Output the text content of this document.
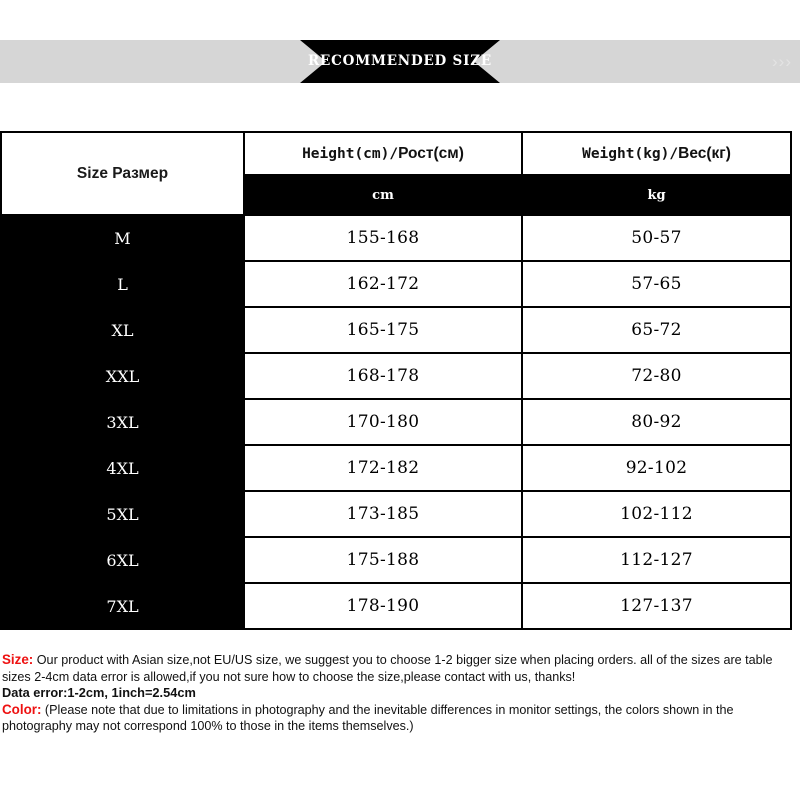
›››
RECOMMENDED SIZE
Size Размер	Height(cm)/Рост(см)	Weight(kg)/Вес(кг)
	cm	kg
M	155-168	50-57
L	162-172	57-65
XL	165-175	65-72
XXL	168-178	72-80
3XL	170-180	80-92
4XL	172-182	92-102
5XL	173-185	102-112
6XL	175-188	112-127
7XL	178-190	127-137

Size: Our product with Asian size,not EU/US size, we suggest you to choose 1-2 bigger size when placing orders. all of the sizes are table sizes 2-4cm data error is allowed,if you not sure how to choose the size,please contact with us, thanks!

Data error:1-2cm, 1inch=2.54cm

Color: (Please note that due to limitations in photography and the inevitable differences in monitor settings, the colors shown in the photography may not correspond 100% to those in the items themselves.)
